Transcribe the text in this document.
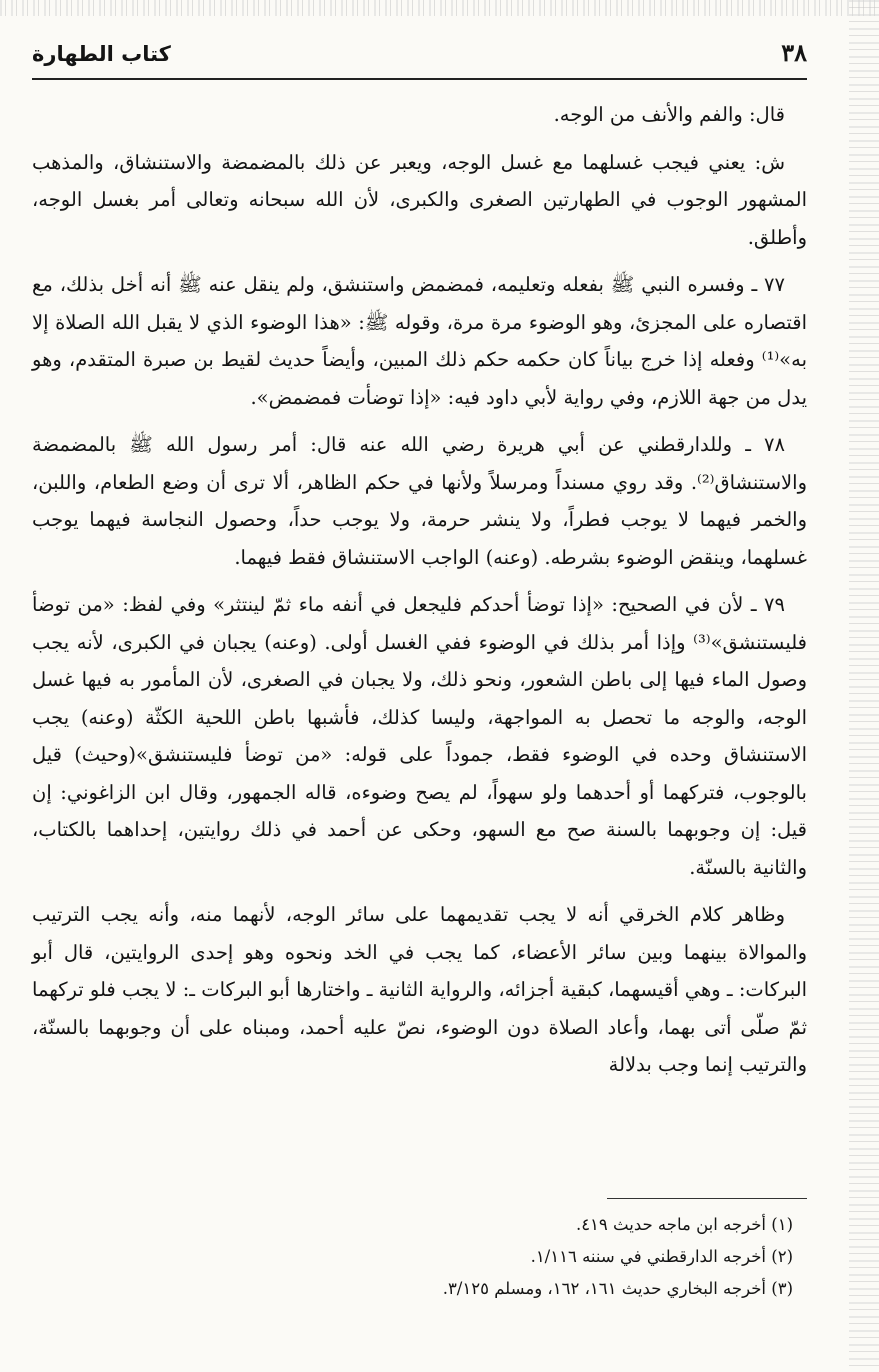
٣٨
كتاب الطهارة

قال: والفم والأنف من الوجه.

ش: يعني فيجب غسلهما مع غسل الوجه، ويعبر عن ذلك بالمضمضة والاستنشاق، والمذهب المشهور الوجوب في الطهارتين الصغرى والكبرى، لأن الله سبحانه وتعالى أمر بغسل الوجه، وأطلق.

٧٧ ـ وفسره النبي ﷺ بفعله وتعليمه، فمضمض واستنشق، ولم ينقل عنه ﷺ أنه أخل بذلك، مع اقتصاره على المجزئ، وهو الوضوء مرة مرة، وقوله ﷺ: «هذا الوضوء الذي لا يقبل الله الصلاة إلا به»⁽¹⁾ وفعله إذا خرج بياناً كان حكمه حكم ذلك المبين، وأيضاً حديث لقيط بن صبرة المتقدم، وهو يدل من جهة اللازم، وفي رواية لأبي داود فيه: «إذا توضأت فمضمض».

٧٨ ـ وللدارقطني عن أبي هريرة رضي الله عنه قال: أمر رسول الله ﷺ بالمضمضة والاستنشاق⁽²⁾. وقد روي مسنداً ومرسلاً ولأنها في حكم الظاهر، ألا ترى أن وضع الطعام، واللبن، والخمر فيهما لا يوجب فطراً، ولا ينشر حرمة، ولا يوجب حداً، وحصول النجاسة فيهما يوجب غسلهما، وينقض الوضوء بشرطه. (وعنه) الواجب الاستنشاق فقط فيهما.

٧٩ ـ لأن في الصحيح: «إذا توضأ أحدكم فليجعل في أنفه ماء ثمّ لينتثر» وفي لفظ: «من توضأ فليستنشق»⁽³⁾ وإذا أمر بذلك في الوضوء ففي الغسل أولى. (وعنه) يجبان في الكبرى، لأنه يجب وصول الماء فيها إلى باطن الشعور، ونحو ذلك، ولا يجبان في الصغرى، لأن المأمور به فيها غسل الوجه، والوجه ما تحصل به المواجهة، وليسا كذلك، فأشبها باطن اللحية الكثّة (وعنه) يجب الاستنشاق وحده في الوضوء فقط، جموداً على قوله: «من توضأ فليستنشق»(وحيث) قيل بالوجوب، فتركهما أو أحدهما ولو سهواً، لم يصح وضوءه، قاله الجمهور، وقال ابن الزاغوني: إن قيل: إن وجوبهما بالسنة صح مع السهو، وحكى عن أحمد في ذلك روايتين، إحداهما بالكتاب، والثانية بالسنّة.

وظاهر كلام الخرقي أنه لا يجب تقديمهما على سائر الوجه، لأنهما منه، وأنه يجب الترتيب والموالاة بينهما وبين سائر الأعضاء، كما يجب في الخد ونحوه وهو إحدى الروايتين، قال أبو البركات: ـ وهي أقيسهما، كبقية أجزائه، والرواية الثانية ـ واختارها أبو البركات ـ: لا يجب فلو تركهما ثمّ صلّى أتى بهما، وأعاد الصلاة دون الوضوء، نصّ عليه أحمد، ومبناه على أن وجوبهما بالسنّة، والترتيب إنما وجب بدلالة

(١) أخرجه ابن ماجه حديث ٤١٩.

(٢) أخرجه الدارقطني في سننه ١/١١٦.

(٣) أخرجه البخاري حديث ١٦١، ١٦٢، ومسلم ٣/١٢٥.
